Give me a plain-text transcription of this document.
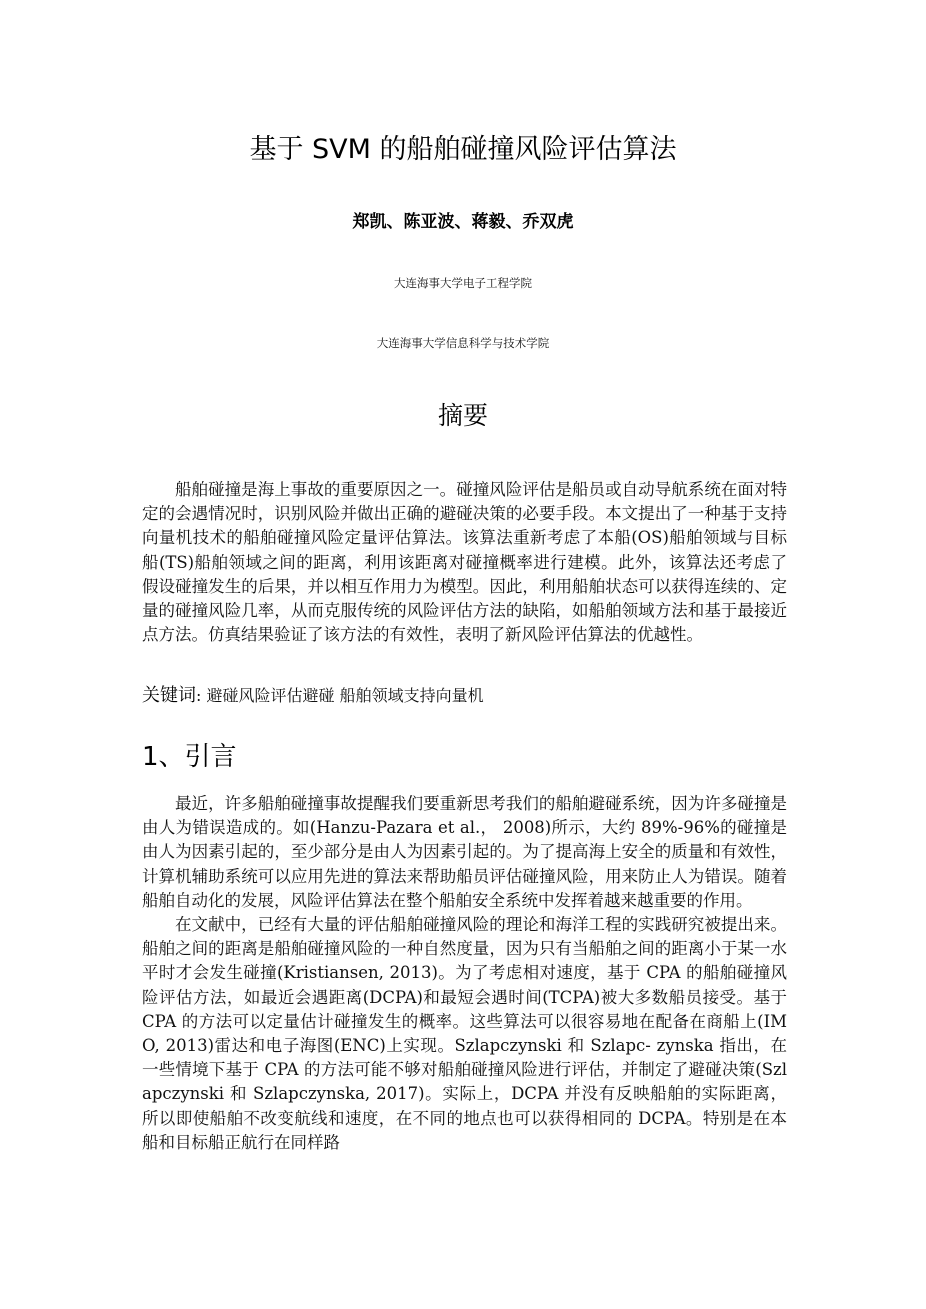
基于 SVM 的船舶碰撞风险评估算法
郑凯、陈亚波、蒋毅、乔双虎
大连海事大学电子工程学院
大连海事大学信息科学与技术学院
摘要

船舶碰撞是海上事故的重要原因之一。碰撞风险评估是船员或自动导航系统在面对特定的会遇情况时，识别风险并做出正确的避碰决策的必要手段。本文提出了一种基于支持向量机技术的船舶碰撞风险定量评估算法。该算法重新考虑了本船(OS)船舶领域与目标船(TS)船舶领域之间的距离，利用该距离对碰撞概率进行建模。此外，该算法还考虑了假设碰撞发生的后果，并以相互作用力为模型。因此，利用船舶状态可以获得连续的、定量的碰撞风险几率，从而克服传统的风险评估方法的缺陷，如船舶领域方法和基于最接近点方法。仿真结果验证了该方法的有效性，表明了新风险评估算法的优越性。

关键词: 避碰风险评估避碰 船舶领域支持向量机
1、引言

最近，许多船舶碰撞事故提醒我们要重新思考我们的船舶避碰系统，因为许多碰撞是由人为错误造成的。如(Hanzu-Pazara et al.， 2008)所示，大约 89%-96%的碰撞是由人为因素引起的，至少部分是由人为因素引起的。为了提高海上安全的质量和有效性，计算机辅助系统可以应用先进的算法来帮助船员评估碰撞风险，用来防止人为错误。随着船舶自动化的发展，风险评估算法在整个船舶安全系统中发挥着越来越重要的作用。

在文献中，已经有大量的评估船舶碰撞风险的理论和海洋工程的实践研究被提出来。船舶之间的距离是船舶碰撞风险的一种自然度量，因为只有当船舶之间的距离小于某一水平时才会发生碰撞(Kristiansen, 2013)。为了考虑相对速度，基于 CPA 的船舶碰撞风险评估方法，如最近会遇距离(DCPA)和最短会遇时间(TCPA)被大多数船员接受。基于 CPA 的方法可以定量估计碰撞发生的概率。这些算法可以很容易地在配备在商船上(IMO, 2013)雷达和电子海图(ENC)上实现。Szlapczynski 和 Szlapc- zynska 指出，在一些情境下基于 CPA 的方法可能不够对船舶碰撞风险进行评估，并制定了避碰决策(Szlapczynski 和 Szlapczynska, 2017)。实际上，DCPA 并没有反映船舶的实际距离，所以即使船舶不改变航线和速度，在不同的地点也可以获得相同的 DCPA。特别是在本船和目标船正航行在同样路
